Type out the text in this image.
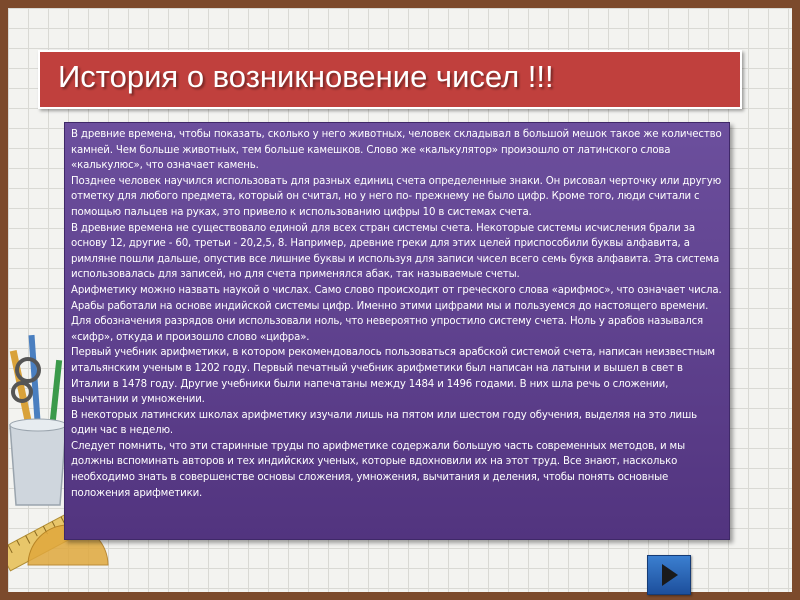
История о возникновение чисел !!!

В древние времена, чтобы показать, сколько у него животных, человек складывал в большой мешок такое же количество камней. Чем больше животных, тем больше камешков. Слово же «калькулятор» произошло от латинского слова «калькулюс», что означает камень.

Позднее человек научился использовать для разных единиц счета определенные знаки. Он рисовал черточку или другую отметку для любого предмета, который он считал, но у него по- прежнему не было цифр. Кроме того, люди считали с помощью пальцев на руках, это привело к использованию цифры 10 в системах счета.

В древние времена не существовало единой для всех стран системы счета. Некоторые системы исчисления брали за основу 12, другие - 60, третьи - 20,2,5, 8. Например, древние греки для этих целей приспособили буквы алфавита, а римляне пошли дальше, опустив все лишние буквы и используя для записи чисел всего семь букв алфавита. Эта система использовалась для записей, но для счета применялся абак, так называемые счеты.

Арифметику можно назвать наукой о числах. Само слово происходит от греческого слова «арифмос», что означает числа.

Арабы работали на основе индийской системы цифр. Именно этими цифрами мы и пользуемся до настоящего времени. Для обозначения разрядов они использовали ноль, что невероятно упростило систему счета. Ноль у арабов назывался «сифр», откуда и произошло слово «цифра».

Первый учебник арифметики, в котором рекомендовалось пользоваться арабской системой счета, написан неизвестным итальянским ученым в 1202 году. Первый печатный учебник арифметики был написан на латыни и вышел в свет в Италии в 1478 году. Другие учебники были напечатаны между 1484 и 1496 годами. В них шла речь о сложении, вычитании и умножении.

В некоторых латинских школах арифметику изучали лишь на пятом или шестом году обучения, выделяя на это лишь один час в неделю.

Следует помнить, что эти старинные труды по арифметике содержали большую часть современных методов, и мы должны вспоминать авторов и тех индийских ученых, которые вдохновили их на этот труд. Все знают, насколько необходимо знать в совершенстве основы сложения, умножения, вычитания и деления, чтобы понять основные положения арифметики.
